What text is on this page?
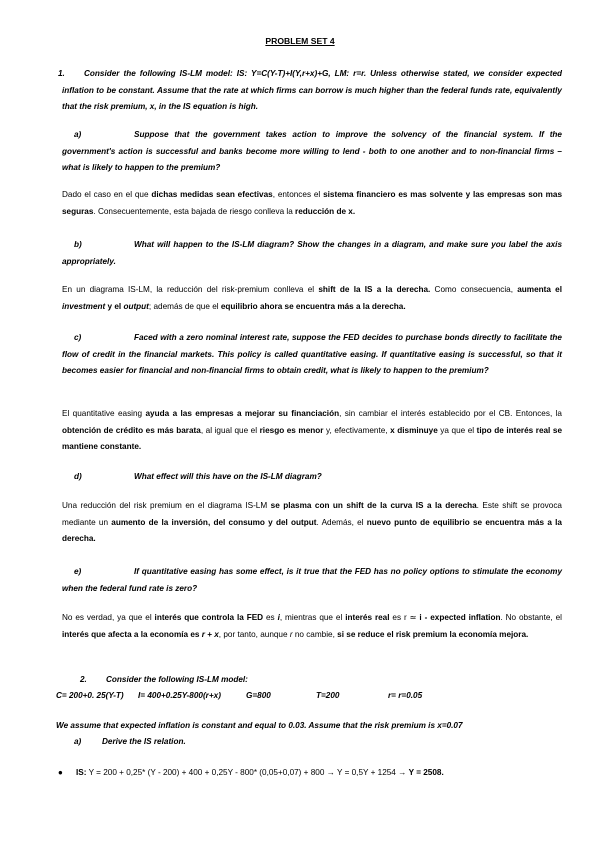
PROBLEM SET 4
1. Consider the following IS-LM model: IS: Y=C(Y-T)+I(Y,r+x)+G, LM: r=r. Unless otherwise stated, we consider expected inflation to be constant. Assume that the rate at which firms can borrow is much higher than the federal funds rate, equivalently that the risk premium, x, in the IS equation is high.
a)	Suppose that the government takes action to improve the solvency of the financial system. If the government's action is successful and banks become more willing to lend - both to one another and to non-financial firms – what is likely to happen to the premium?
Dado el caso en el que dichas medidas sean efectivas, entonces el sistema financiero es mas solvente y las empresas son mas seguras. Consecuentemente, esta bajada de riesgo conlleva la reducción de x.
b)	What will happen to the IS-LM diagram? Show the changes in a diagram, and make sure you label the axis appropriately.
En un diagrama IS-LM, la reducción del risk-premium conlleva el shift de la IS a la derecha. Como consecuencia, aumenta el investment y el output; además de que el equilibrio ahora se encuentra más a la derecha.
c)	Faced with a zero nominal interest rate, suppose the FED decides to purchase bonds directly to facilitate the flow of credit in the financial markets. This policy is called quantitative easing. If quantitative easing is successful, so that it becomes easier for financial and non-financial firms to obtain credit, what is likely to happen to the premium?
El quantitative easing ayuda a las empresas a mejorar su financiación, sin cambiar el interés establecido por el CB. Entonces, la obtención de crédito es más barata, al igual que el riesgo es menor y, efectivamente, x disminuye ya que el tipo de interés real se mantiene constante.
d)	What effect will this have on the IS-LM diagram?
Una reducción del risk premium en el diagrama IS-LM se plasma con un shift de la curva IS a la derecha. Este shift se provoca mediante un aumento de la inversión, del consumo y del output. Además, el nuevo punto de equilibrio se encuentra más a la derecha.
e)	If quantitative easing has some effect, is it true that the FED has no policy options to stimulate the economy when the federal fund rate is zero?
No es verdad, ya que el interés que controla la FED es i, mientras que el interés real es r ≃ i - expected inflation. No obstante, el interés que afecta a la economía es r + x, por tanto, aunque r no cambie, si se reduce el risk premium la economía mejora.
2. Consider the following IS-LM model:
C= 200+0. 25(Y-T) I= 400+0.25Y-800(r+x)	G=800	T=200	r= r=0.05
We assume that expected inflation is constant and equal to 0.03. Assume that the risk premium is x=0.07
a)	Derive the IS relation.
● IS: Y = 200 + 0,25* (Y - 200) + 400 + 0,25Y - 800* (0,05+0,07) + 800 → Y = 0,5Y + 1254 → Y = 2508.
